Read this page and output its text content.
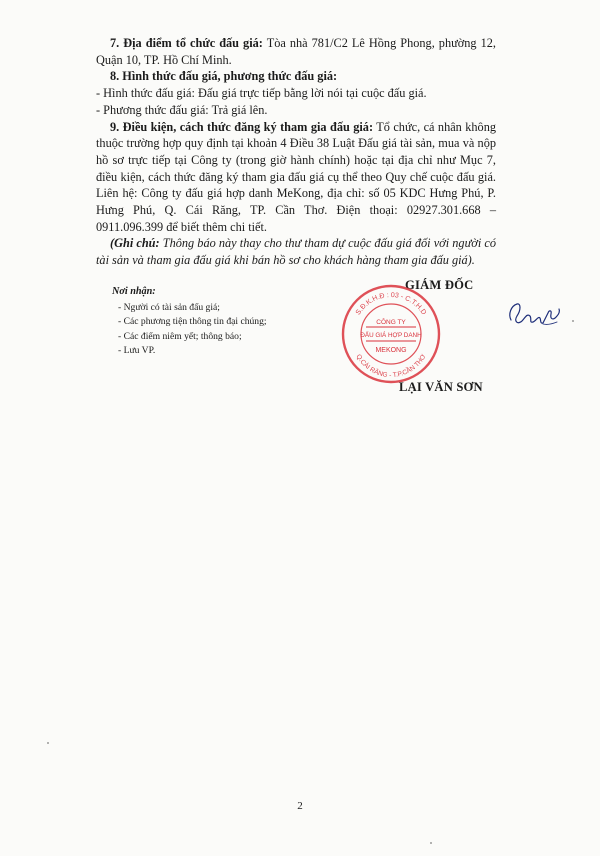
7. Địa điểm tổ chức đấu giá: Tòa nhà 781/C2 Lê Hồng Phong, phường 12, Quận 10, TP. Hồ Chí Minh.

8. Hình thức đấu giá, phương thức đấu giá:

- Hình thức đấu giá: Đấu giá trực tiếp bằng lời nói tại cuộc đấu giá.

- Phương thức đấu giá: Trả giá lên.

9. Điều kiện, cách thức đăng ký tham gia đấu giá: Tổ chức, cá nhân không thuộc trường hợp quy định tại khoản 4 Điều 38 Luật Đấu giá tài sản, mua và nộp hồ sơ trực tiếp tại Công ty (trong giờ hành chính) hoặc tại địa chỉ như Mục 7, điều kiện, cách thức đăng ký tham gia đấu giá cụ thể theo Quy chế cuộc đấu giá. Liên hệ: Công ty đấu giá hợp danh MeKong, địa chỉ: số 05 KDC Hưng Phú, P. Hưng Phú, Q. Cái Răng, TP. Cần Thơ. Điện thoại: 02927.301.668 – 0911.096.399 để biết thêm chi tiết.

(Ghi chú: Thông báo này thay cho thư tham dự cuộc đấu giá đối với người có tài sản và tham gia đấu giá khi bán hồ sơ cho khách hàng tham gia đấu giá).

Nơi nhận:
- Người có tài sản đấu giá;
- Các phương tiện thông tin đại chúng;
- Các điểm niêm yết; thông báo;
- Lưu VP.
GIÁM ĐỐC
S.Đ.K.H.Đ : 03 - C.T.H.D
Q.CÁI RĂNG - T.P.CẦN THƠ
CÔNG TY
ĐẤU GIÁ HỢP DANH
MEKONG
LẠI VĂN SƠN
2
